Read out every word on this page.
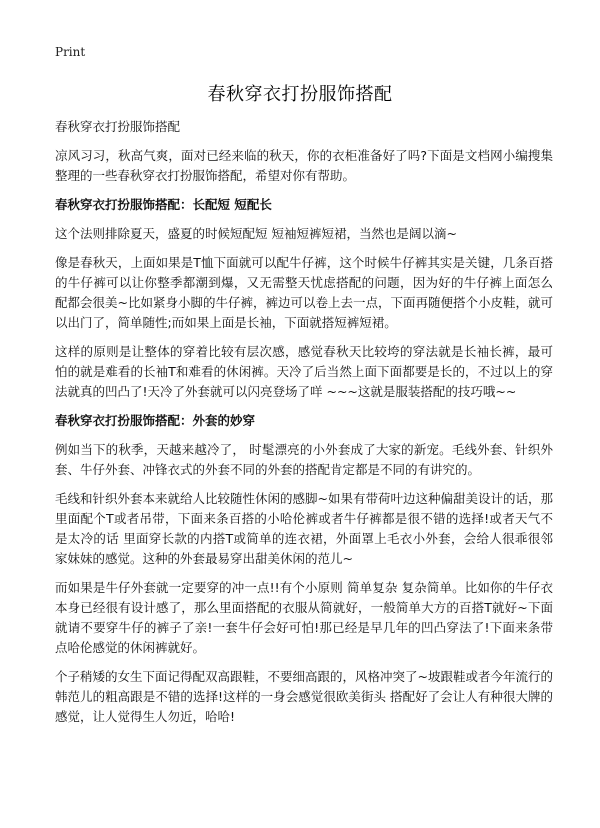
Print
春秋穿衣打扮服饰搭配

春秋穿衣打扮服饰搭配

凉风习习，秋高气爽，面对已经来临的秋天，你的衣柜准备好了吗?下面是文档网小编搜集整理的一些春秋穿衣打扮服饰搭配，希望对你有帮助。

春秋穿衣打扮服饰搭配：长配短 短配长

这个法则排除夏天，盛夏的时候短配短 短袖短裤短裙，当然也是阔以滴~

像是春秋天，上面如果是T恤下面就可以配牛仔裤，这个时候牛仔裤其实是关键，几条百搭的牛仔裤可以让你整季都潮到爆，又无需整天忧虑搭配的问题，因为好的牛仔裤上面怎么配都会很美~比如紧身小脚的牛仔裤，裤边可以卷上去一点，下面再随便搭个小皮鞋，就可以出门了，简单随性;而如果上面是长袖，下面就搭短裤短裙。

这样的原则是让整体的穿着比较有层次感，感觉春秋天比较垮的穿法就是长袖长裤，最可怕的就是难看的长袖T和难看的休闲裤。天冷了后当然上面下面都要是长的，不过以上的穿法就真的凹凸了!天冷了外套就可以闪亮登场了咩 ~~~这就是服装搭配的技巧哦~~

春秋穿衣打扮服饰搭配：外套的妙穿

例如当下的秋季，天越来越冷了， 时髦漂亮的小外套成了大家的新宠。毛线外套、针织外套、牛仔外套、冲锋衣式的外套不同的外套的搭配肯定都是不同的有讲究的。

毛线和针织外套本来就给人比较随性休闲的感脚~如果有带荷叶边这种偏甜美设计的话，那里面配个T或者吊带，下面来条百搭的小哈伦裤或者牛仔裤都是很不错的选择!或者天气不是太冷的话 里面穿长款的内搭T或简单的连衣裙，外面罩上毛衣小外套，会给人很乖很邻家妹妹的感觉。这种的外套最易穿出甜美休闲的范儿~

而如果是牛仔外套就一定要穿的冲一点!!有个小原则 简单复杂 复杂简单。比如你的牛仔衣本身已经很有设计感了，那么里面搭配的衣服从简就好，一般简单大方的百搭T就好~下面就请不要穿牛仔的裤子了亲!一套牛仔会好可怕!那已经是早几年的凹凸穿法了!下面来条带点哈伦感觉的休闲裤就好。

个子稍矮的女生下面记得配双高跟鞋，不要细高跟的，风格冲突了~坡跟鞋或者今年流行的韩范儿的粗高跟是不错的选择!这样的一身会感觉很欧美街头 搭配好了会让人有种很大牌的感觉，让人觉得生人勿近，哈哈!
